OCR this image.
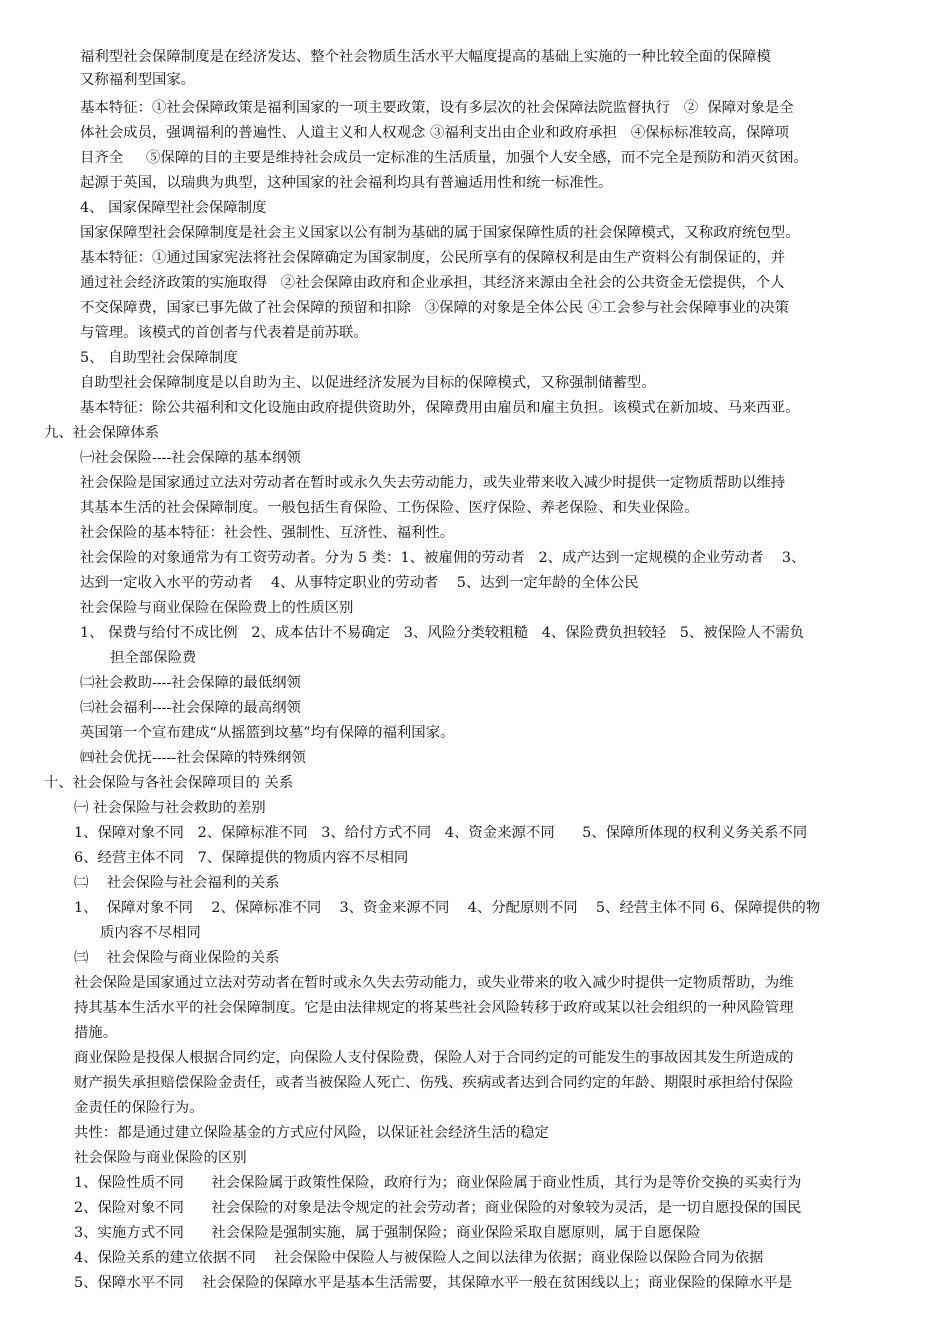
福利型社会保障制度是在经济发达、整个社会物质生活水平大幅度提高的基础上实施的一种比较全面的保障模
又称福利型国家。
基本特征：①社会保障政策是福利国家的一项主要政策，设有多层次的社会保障法院监督执行   ②  保障对象是全
体社会成员，强调福利的普遍性、人道主义和人权观念 ③福利支出由企业和政府承担   ④保标标准较高，保障项
目齐全     ⑤保障的目的主要是维持社会成员一定标准的生活质量，加强个人安全感，而不完全是预防和消灭贫困。
起源于英国，以瑞典为典型，这种国家的社会福利均具有普遍适用性和统一标准性。
4、 国家保障型社会保障制度
国家保障型社会保障制度是社会主义国家以公有制为基础的属于国家保障性质的社会保障模式，又称政府统包型。
基本特征：①通过国家宪法将社会保障确定为国家制度，公民所享有的保障权利是由生产资料公有制保证的，并
通过社会经济政策的实施取得   ②社会保障由政府和企业承担，其经济来源由全社会的公共资金无偿提供，个人
不交保障费，国家已事先做了社会保障的预留和扣除   ③保障的对象是全体公民 ④工会参与社会保障事业的决策
与管理。该模式的首创者与代表着是前苏联。
5、 自助型社会保障制度
自助型社会保障制度是以自助为主、以促进经济发展为目标的保障模式，又称强制储蓄型。
基本特征：除公共福利和文化设施由政府提供资助外，保障费用由雇员和雇主负担。该模式在新加坡、马来西亚。
九、社会保障体系
㈠社会保险----社会保障的基本纲领
社会保险是国家通过立法对劳动者在暂时或永久失去劳动能力，或失业带来收入减少时提供一定物质帮助以维持
其基本生活的社会保障制度。一般包括生育保险、工伤保险、医疗保险、养老保险、和失业保险。
社会保险的基本特征：社会性、强制性、互济性、福利性。
社会保险的对象通常为有工资劳动者。分为 5 类：1、被雇佣的劳动者   2、成产达到一定规模的企业劳动者    3、
达到一定收入水平的劳动者    4、从事特定职业的劳动者    5、达到一定年龄的全体公民
社会保险与商业保险在保险费上的性质区别
1、 保费与给付不成比例   2、成本估计不易确定   3、风险分类较粗糙   4、保险费负担较轻   5、被保险人不需负
担全部保险费
㈡社会救助----社会保障的最低纲领
㈢社会福利----社会保障的最高纲领
英国第一个宣布建成“从摇篮到坟墓”均有保障的福利国家。
㈣社会优抚-----社会保障的特殊纲领
十、社会保险与各社会保障项目的 关系
㈠ 社会保险与社会救助的差别
1、保障对象不同   2、保障标准不同   3、给付方式不同   4、资金来源不同      5、保障所体现的权利义务关系不同
6、经营主体不同   7、保障提供的物质内容不尽相同
㈡    社会保险与社会福利的关系
1、  保障对象不同    2、保障标准不同    3、资金来源不同    4、分配原则不同    5、经营主体不同 6、保障提供的物
质内容不尽相同
㈢    社会保险与商业保险的关系
社会保险是国家通过立法对劳动者在暂时或永久失去劳动能力，或失业带来的收入减少时提供一定物质帮助，为维
持其基本生活水平的社会保障制度。它是由法律规定的将某些社会风险转移于政府或某以社会组织的一种风险管理
措施。
商业保险是投保人根据合同约定，向保险人支付保险费，保险人对于合同约定的可能发生的事故因其发生所造成的
财产损失承担赔偿保险金责任，或者当被保险人死亡、伤残、疾病或者达到合同约定的年龄、期限时承担给付保险
金责任的保险行为。
共性：都是通过建立保险基金的方式应付风险，以保证社会经济生活的稳定
社会保险与商业保险的区别
1、保险性质不同      社会保险属于政策性保险，政府行为；商业保险属于商业性质，其行为是等价交换的买卖行为
2、保险对象不同      社会保险的对象是法令规定的社会劳动者；商业保险的对象较为灵活，是一切自愿投保的国民
3、实施方式不同      社会保险是强制实施，属于强制保险；商业保险采取自愿原则，属于自愿保险
4、保险关系的建立依据不同    社会保险中保险人与被保险人之间以法律为依据；商业保险以保险合同为依据
5、保障水平不同    社会保险的保障水平是基本生活需要，其保障水平一般在贫困线以上；商业保险的保障水平是
